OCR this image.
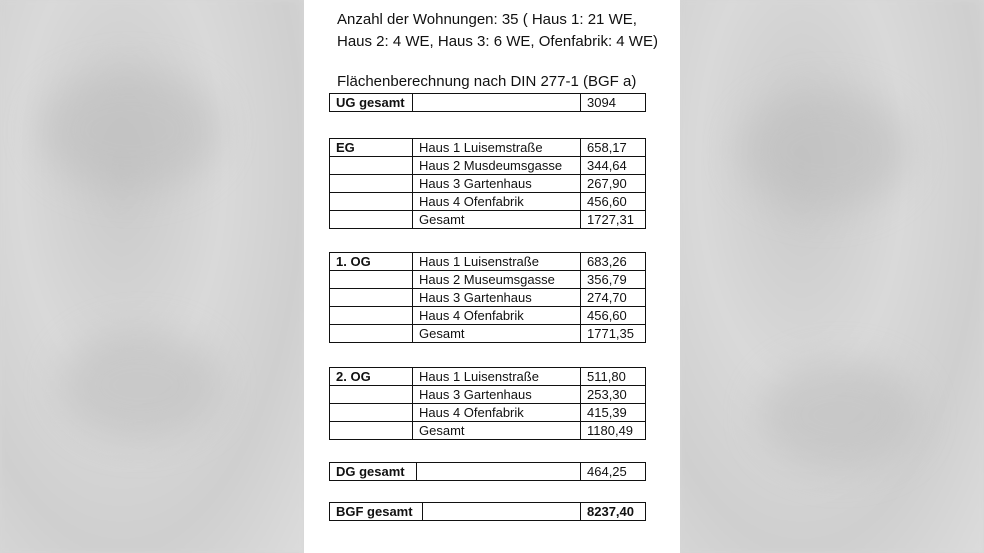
Anzahl der Wohnungen: 35 ( Haus 1: 21 WE,
Haus 2: 4 WE, Haus 3: 6 WE, Ofenfabrik: 4 WE)
Flächenberechnung nach DIN 277-1 (BGF a)
UG gesamt		3094
EG	Haus 1 Luisemstraße	658,17
	Haus 2 Musdeumsgasse	344,64
	Haus 3 Gartenhaus	267,90
	Haus 4 Ofenfabrik	456,60
	Gesamt	1727,31
1. OG	Haus 1 Luisenstraße	683,26
	Haus 2 Museumsgasse	356,79
	Haus 3 Gartenhaus	274,70
	Haus 4 Ofenfabrik	456,60
	Gesamt	1771,35
2. OG	Haus 1 Luisenstraße	511,80
	Haus 3 Gartenhaus	253,30
	Haus 4 Ofenfabrik	415,39
	Gesamt	1180,49
DG gesamt		464,25
BGF gesamt		8237,40
